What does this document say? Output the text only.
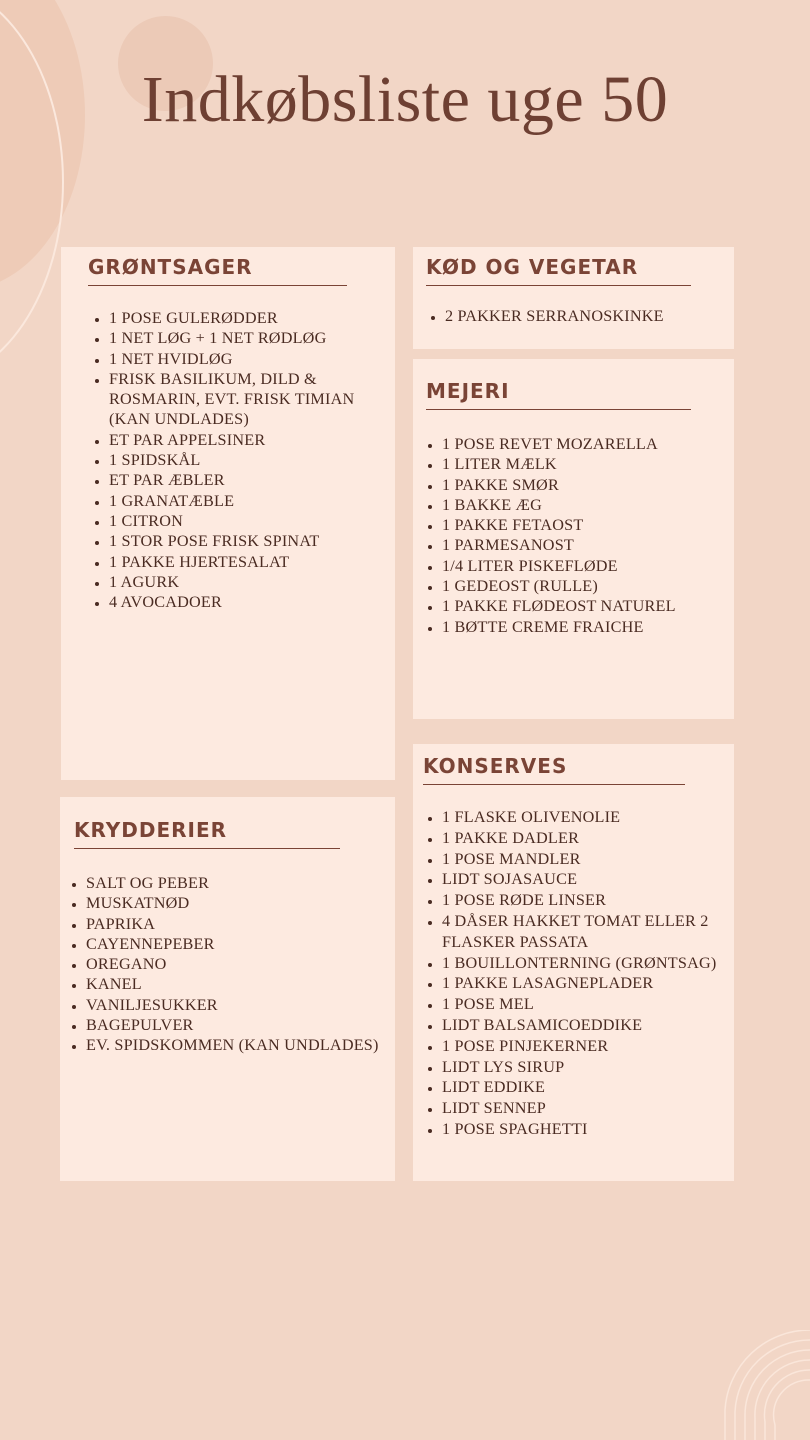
Indkøbsliste uge 50
GRØNTSAGER
• 1 POSE GULERØDDER
• 1 NET LØG + 1 NET RØDLØG
• 1 NET HVIDLØG
• FRISK BASILIKUM, DILD & ROSMARIN, EVT. FRISK TIMIAN (KAN UNDLADES)
• ET PAR APPELSINER
• 1 SPIDSKÅL
• ET PAR ÆBLER
• 1 GRANATÆBLE
• 1 CITRON
• 1 STOR POSE FRISK SPINAT
• 1 PAKKE HJERTESALAT
• 1 AGURK
• 4 AVOCADOER
KØD OG VEGETAR
• 2 PAKKER SERRANOSKINKE
MEJERI
• 1 POSE REVET MOZARELLA
• 1 LITER MÆLK
• 1 PAKKE SMØR
• 1 BAKKE ÆG
• 1 PAKKE FETAOST
• 1 PARMESANOST
• 1/4 LITER PISKEFLØDE
• 1 GEDEOST (RULLE)
• 1 PAKKE FLØDEOST NATUREL
• 1 BØTTE CREME FRAICHE
KRYDDERIER
• SALT OG PEBER
• MUSKATNØD
• PAPRIKA
• CAYENNEPEBER
• OREGANO
• KANEL
• VANILJESUKKER
• BAGEPULVER
• EV. SPIDSKOMMEN (KAN UNDLADES)
KONSERVES
• 1 FLASKE OLIVENOLIE
• 1 PAKKE DADLER
• 1 POSE MANDLER
• LIDT SOJASAUCE
• 1 POSE RØDE LINSER
• 4 DÅSER HAKKET TOMAT ELLER 2 FLASKER PASSATA
• 1 BOUILLONTERNING (GRØNTSAG)
• 1 PAKKE LASAGNEPLADER
• 1 POSE MEL
• LIDT BALSAMICOEDDIKE
• 1 POSE PINJEKERNER
• LIDT LYS SIRUP
• LIDT EDDIKE
• LIDT SENNEP
• 1 POSE SPAGHETTI
